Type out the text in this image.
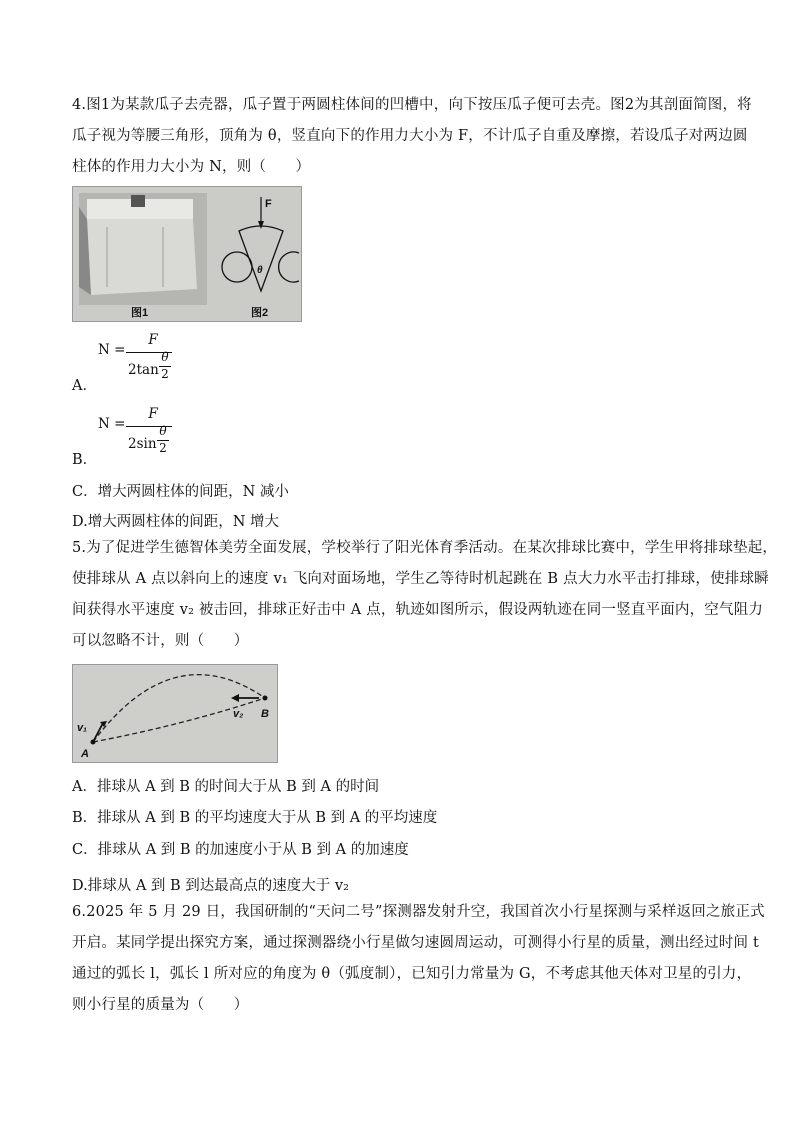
4.图1为某款瓜子去壳器，瓜子置于两圆柱体间的凹槽中，向下按压瓜子便可去壳。图2为其剖面简图，将
瓜子视为等腰三角形，顶角为 θ，竖直向下的作用力大小为 F，不计瓜子自重及摩擦，若设瓜子对两边圆
柱体的作用力大小为 N，则（　　）
F
θ
图1	图2
N =
F
2tan
θ
2
A．
N =
F
2sin
θ
2
B．
C．增大两圆柱体的间距，N 减小
D.增大两圆柱体的间距，N 增大
5.为了促进学生德智体美劳全面发展，学校举行了阳光体育季活动。在某次排球比赛中，学生甲将排球垫起，
使排球从 A 点以斜向上的速度 v₁ 飞向对面场地，学生乙等待时机起跳在 B 点大力水平击打排球，使排球瞬
间获得水平速度 v₂ 被击回，排球正好击中 A 点，轨迹如图所示，假设两轨迹在同一竖直平面内，空气阻力
可以忽略不计，则（　　）
A
B
v₁
v₂
A．排球从 A 到 B 的时间大于从 B 到 A 的时间
B．排球从 A 到 B 的平均速度大于从 B 到 A 的平均速度
C．排球从 A 到 B 的加速度小于从 B 到 A 的加速度
D.排球从 A 到 B 到达最高点的速度大于 v₂
6.2025 年 5 月 29 日，我国研制的“天问二号”探测器发射升空，我国首次小行星探测与采样返回之旅正式
开启。某同学提出探究方案，通过探测器绕小行星做匀速圆周运动，可测得小行星的质量，测出经过时间 t
通过的弧长 l，弧长 l 所对应的角度为 θ（弧度制），已知引力常量为 G，不考虑其他天体对卫星的引力，
则小行星的质量为（　　）
